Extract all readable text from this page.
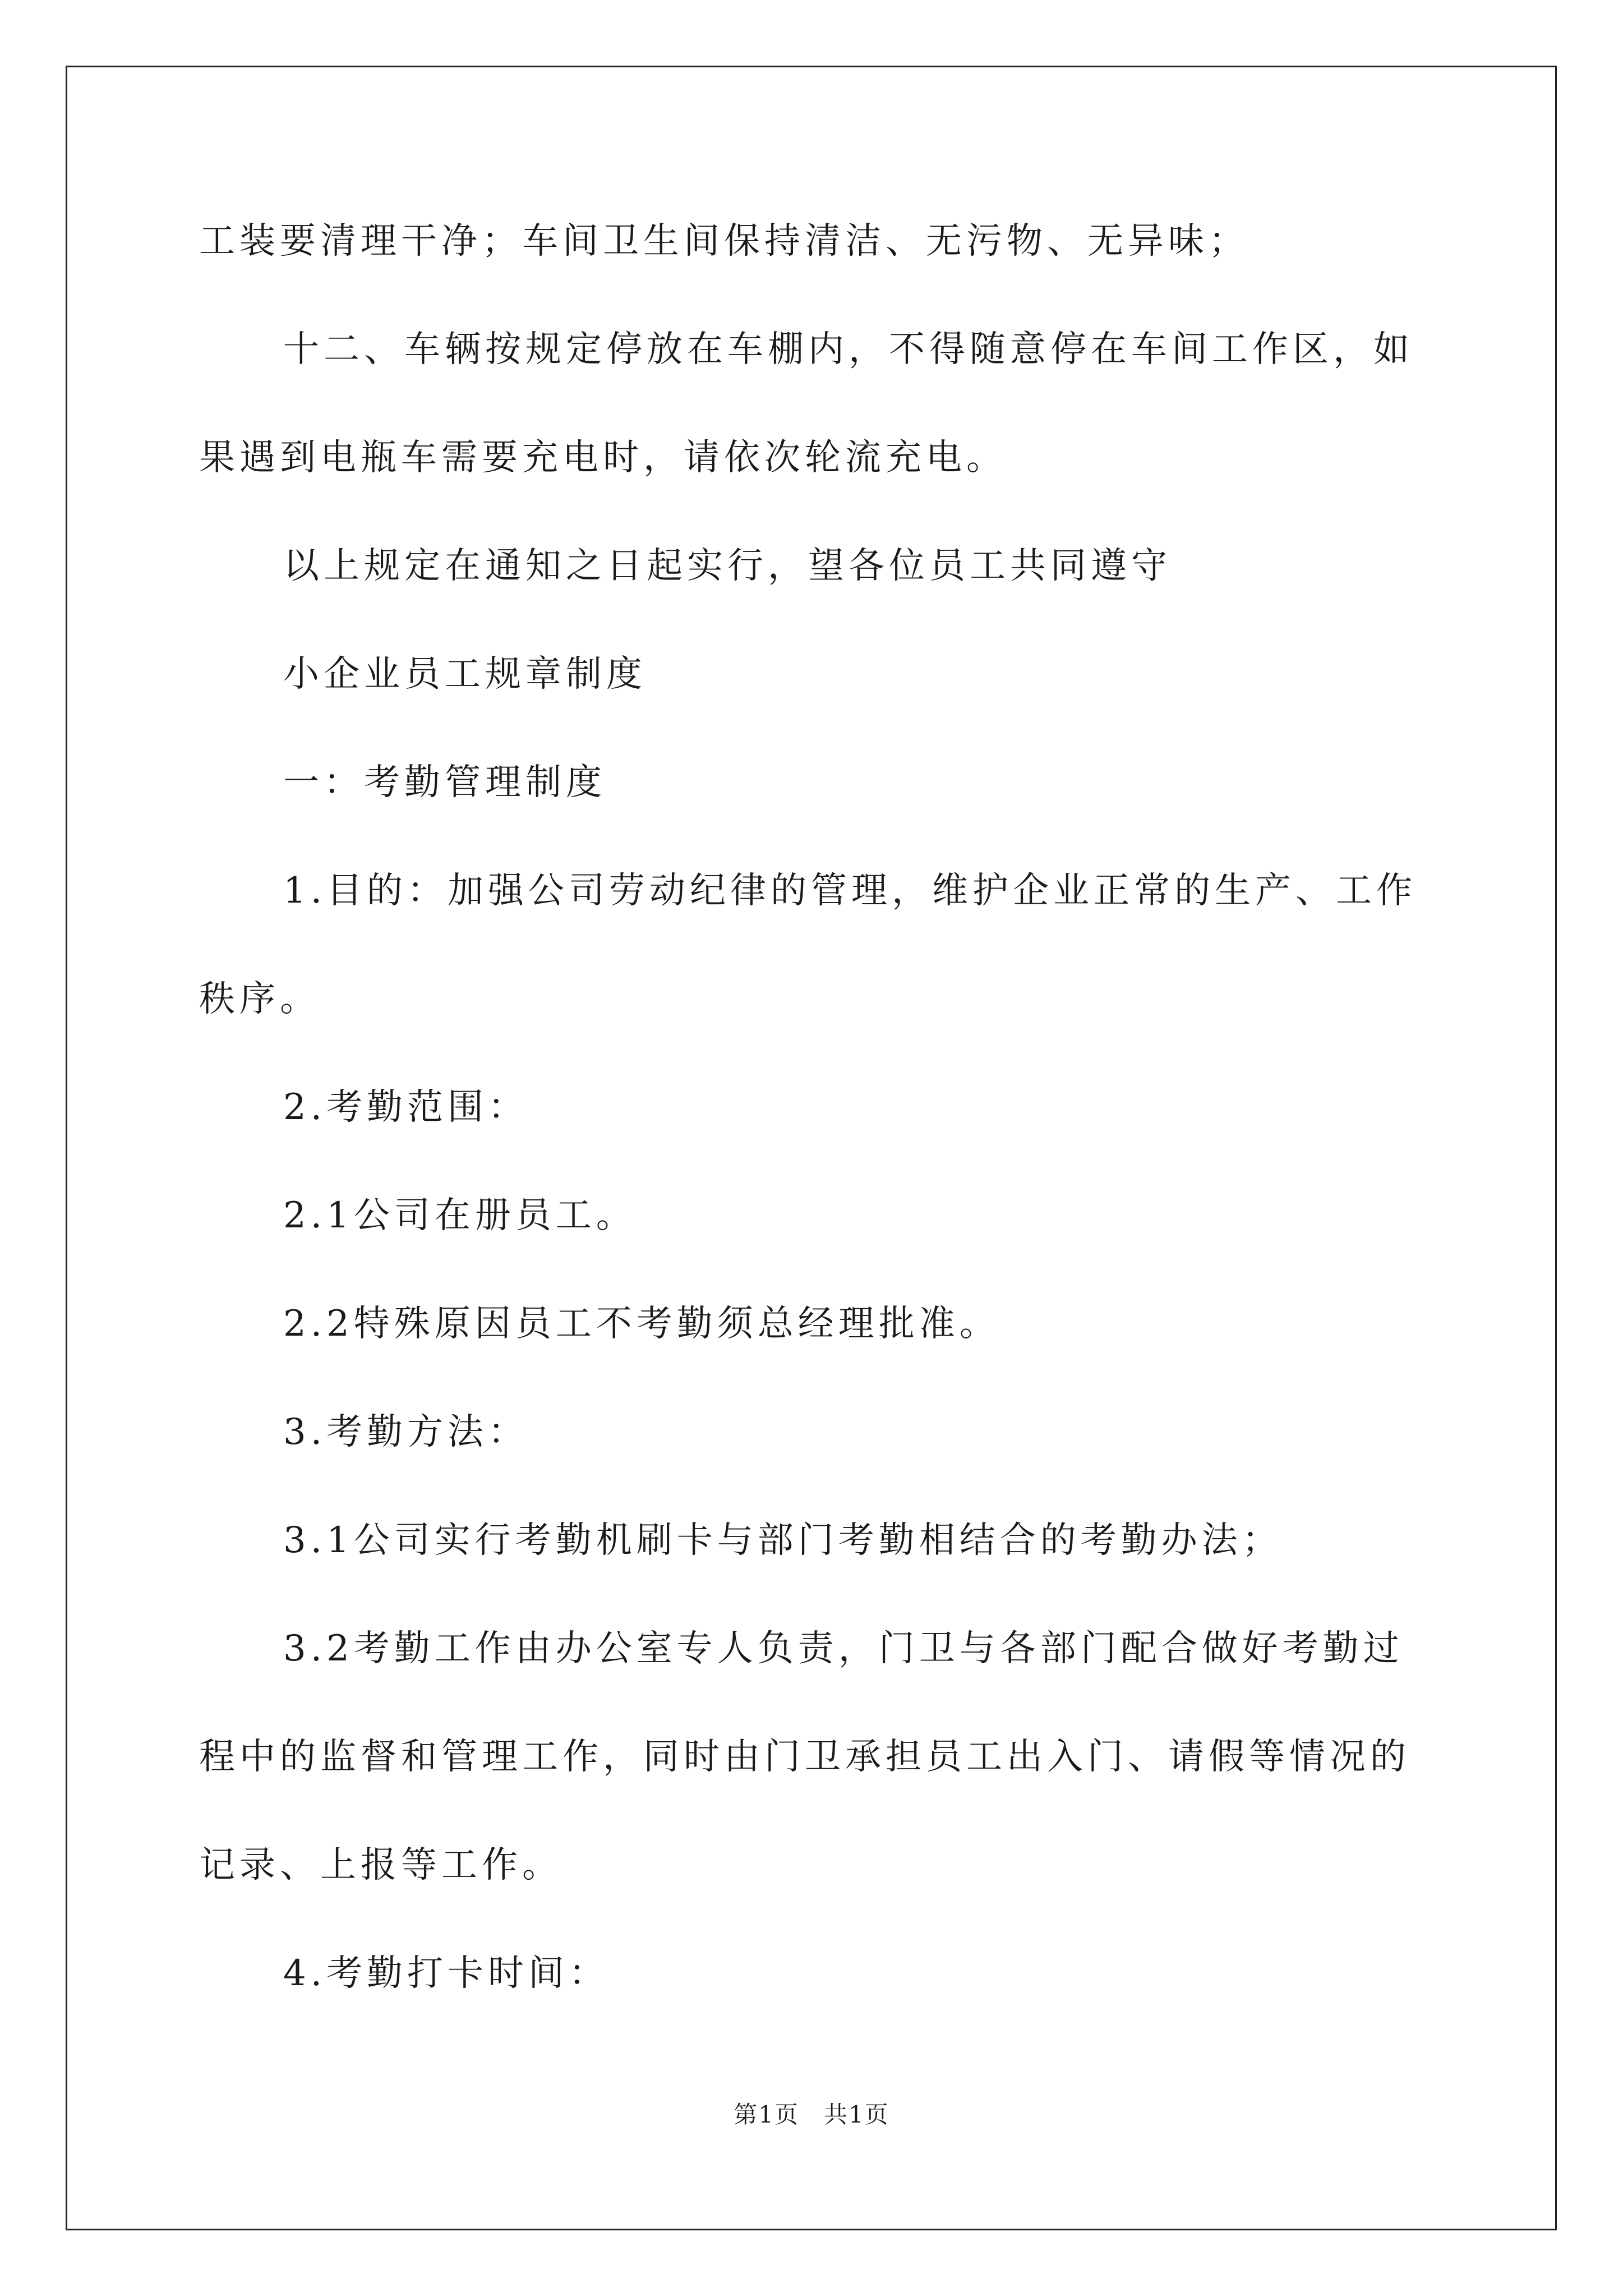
工装要清理干净；车间卫生间保持清洁、无污物、无异味；
十二、车辆按规定停放在车棚内，不得随意停在车间工作区，如
果遇到电瓶车需要充电时，请依次轮流充电。
以上规定在通知之日起实行，望各位员工共同遵守
小企业员工规章制度
一：考勤管理制度
1.目的：加强公司劳动纪律的管理，维护企业正常的生产、工作
秩序。
2.考勤范围：
2.1公司在册员工。
2.2特殊原因员工不考勤须总经理批准。
3.考勤方法：
3.1公司实行考勤机刷卡与部门考勤相结合的考勤办法；
3.2考勤工作由办公室专人负责，门卫与各部门配合做好考勤过
程中的监督和管理工作，同时由门卫承担员工出入门、请假等情况的
记录、上报等工作。
4.考勤打卡时间：
第1页　共1页
